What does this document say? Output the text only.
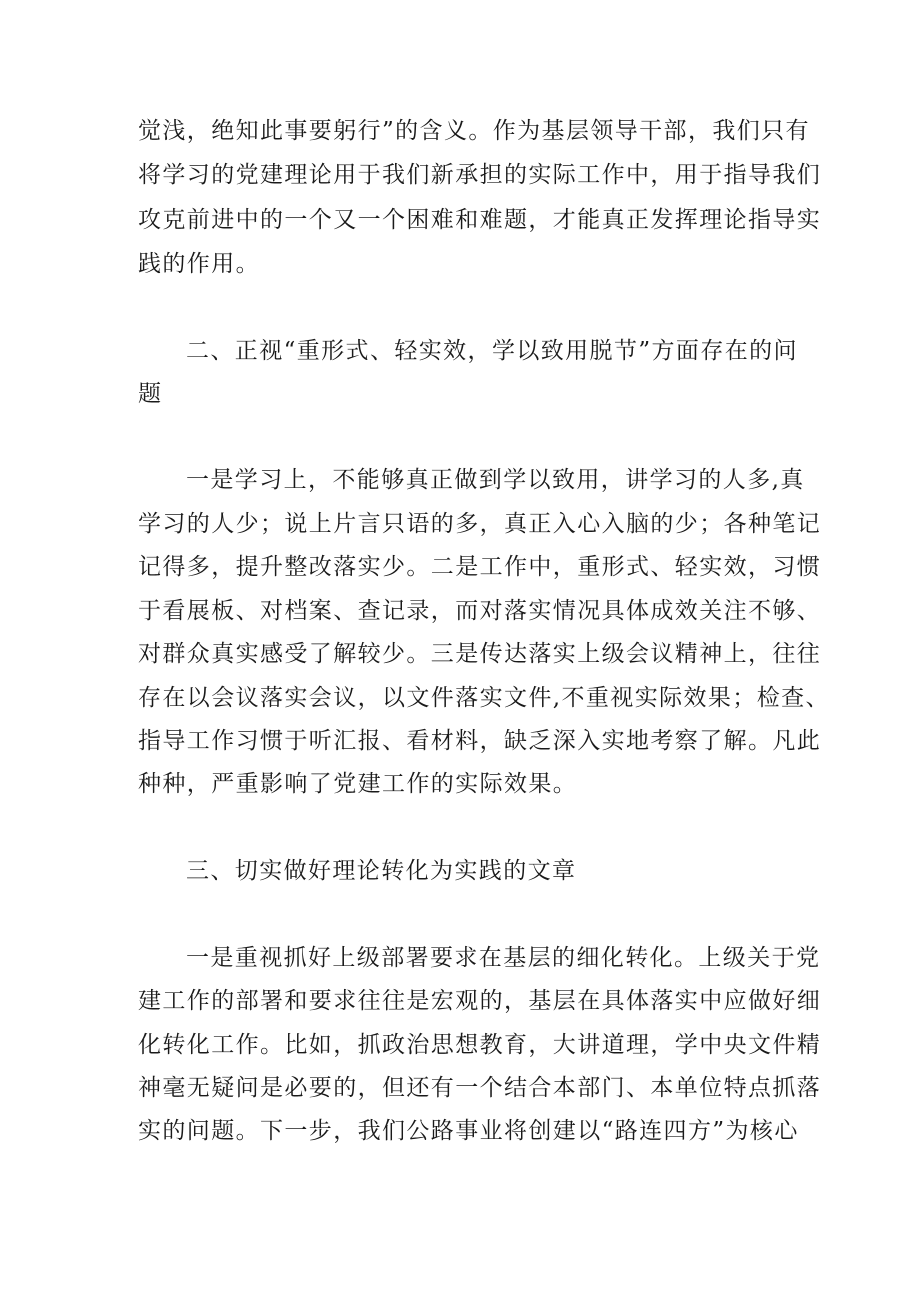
觉浅，绝知此事要躬行”的含义。作为基层领导干部，我们只有
将学习的党建理论用于我们新承担的实际工作中，用于指导我们
攻克前进中的一个又一个困难和难题，才能真正发挥理论指导实
践的作用。
二、正视“重形式、轻实效，学以致用脱节”方面存在的问
题
一是学习上，不能够真正做到学以致用，讲学习的人多,真
学习的人少；说上片言只语的多，真正入心入脑的少；各种笔记
记得多，提升整改落实少。二是工作中，重形式、轻实效，习惯
于看展板、对档案、查记录，而对落实情况具体成效关注不够、
对群众真实感受了解较少。三是传达落实上级会议精神上，往往
存在以会议落实会议，以文件落实文件,不重视实际效果；检查、
指导工作习惯于听汇报、看材料，缺乏深入实地考察了解。凡此
种种，严重影响了党建工作的实际效果。
三、切实做好理论转化为实践的文章
一是重视抓好上级部署要求在基层的细化转化。上级关于党
建工作的部署和要求往往是宏观的，基层在具体落实中应做好细
化转化工作。比如，抓政治思想教育，大讲道理，学中央文件精
神毫无疑问是必要的，但还有一个结合本部门、本单位特点抓落
实的问题。下一步，我们公路事业将创建以“路连四方”为核心
